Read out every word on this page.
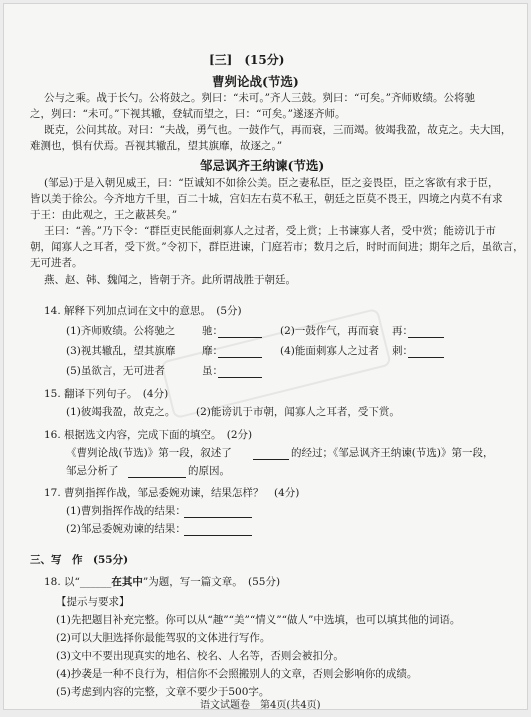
[三]　(15分)
曹刿论战(节选)
公与之乘。战于长勺。公将鼓之。刿曰：“未可。”齐人三鼓。刿曰：“可矣。”齐师败绩。公将驰
之，刿曰：“未可。”下视其辙，登轼而望之，曰：“可矣。”遂逐齐师。
既克，公问其故。对曰：“夫战，勇气也。一鼓作气，再而衰，三而竭。彼竭我盈，故克之。夫大国，
难测也，惧有伏焉。吾视其辙乱，望其旗靡，故逐之。”
邹忌讽齐王纳谏(节选)
(邹忌)于是入朝见威王，曰：“臣诚知不如徐公美。臣之妻私臣，臣之妾畏臣，臣之客欲有求于臣，
皆以美于徐公。今齐地方千里，百二十城，宫妇左右莫不私王，朝廷之臣莫不畏王，四境之内莫不有求
于王：由此观之，王之蔽甚矣。”
王曰：“善。”乃下令：“群臣吏民能面刺寡人之过者，受上赏；上书谏寡人者，受中赏；能谤讥于市
朝，闻寡人之耳者，受下赏。”令初下，群臣进谏，门庭若市；数月之后，时时而间进；期年之后，虽欲言，
无可进者。
燕、赵、韩、魏闻之，皆朝于齐。此所谓战胜于朝廷。
14. 解释下列加点词在文中的意思。　(5分)
(1)齐师败绩。公将驰之	驰：	(2)一鼓作气，再而衰 再：
(3)视其辙乱，望其旗靡	靡：	(4)能面刺寡人之过者 刺：
(5)虽欲言，无可进者	虽：
15. 翻译下列句子。　(4分)
(1)彼竭我盈，故克之。 (2)能谤讥于市朝，闻寡人之耳者，受下赏。
16. 根据选文内容，完成下面的填空。　(2分)
《曹刿论战(节选)》第一段，叙述了	的经过；《邹忌讽齐王纳谏(节选)》第一段，
邹忌分析了	的原因。
17. 曹刿指挥作战，邹忌委婉劝谏，结果怎样？　(4分)
(1)曹刿指挥作战的结果：
(2)邹忌委婉劝谏的结果：
三、写　作　(55分)
18. 以“______在其中”为题，写一篇文章。　(55分)
【提示与要求】
(1)先把题目补充完整。你可以从“趣”“美”“情义”“做人”中选填，也可以填其他的词语。
(2)可以大胆选择你最能驾驭的文体进行写作。
(3)文中不要出现真实的地名、校名、人名等，否则会被扣分。
(4)抄袭是一种不良行为，相信你不会照搬别人的文章，否则会影响你的成绩。
(5)考虑到内容的完整，文章不要少于500字。
语文试题卷　第4页(共4页)
